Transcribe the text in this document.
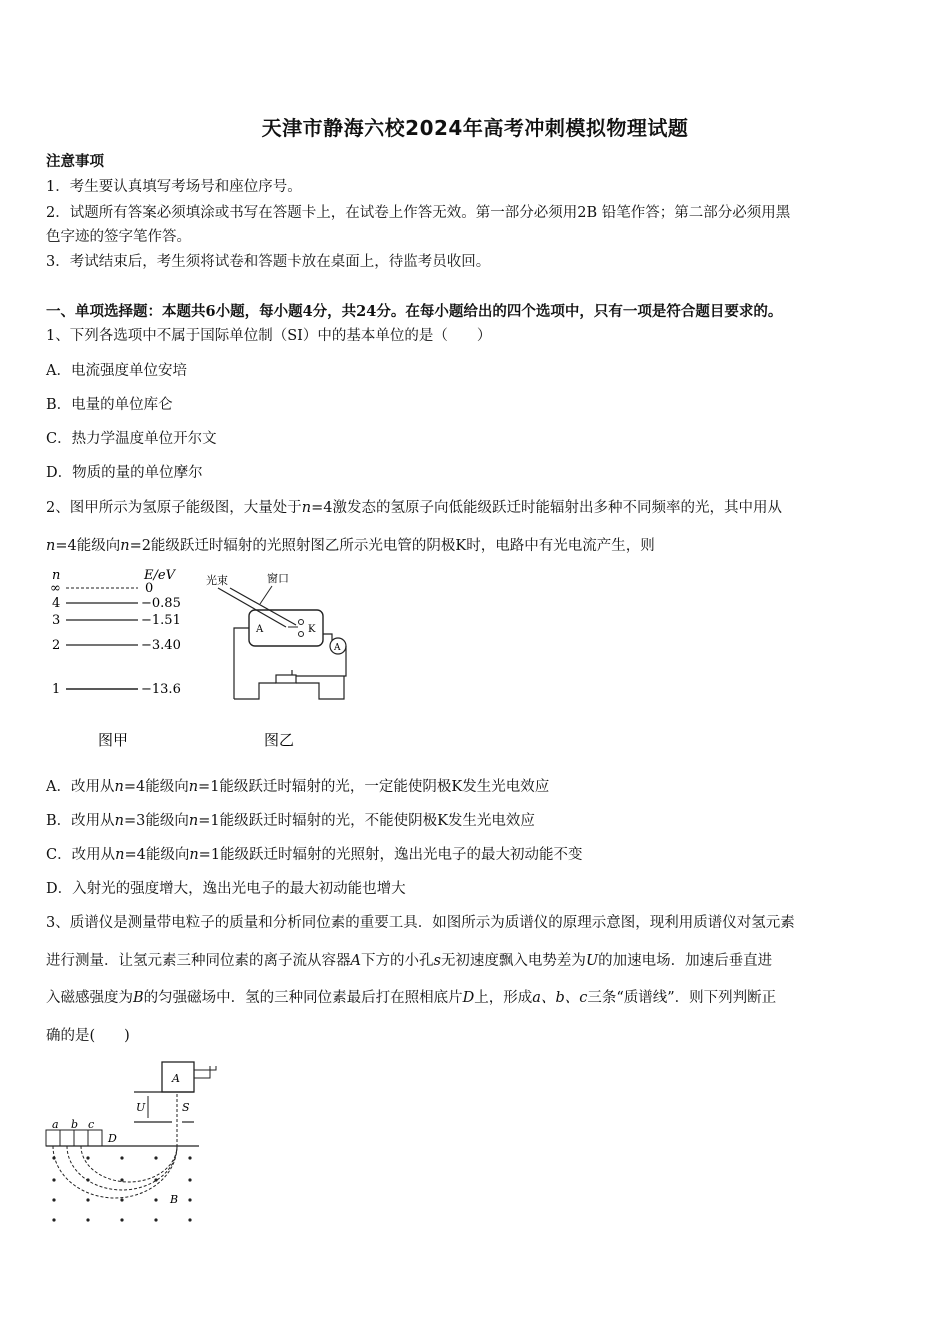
天津市静海六校2024年高考冲刺模拟物理试题
注意事项
1．考生要认真填写考场号和座位序号。
2．试题所有答案必须填涂或书写在答题卡上，在试卷上作答无效。第一部分必须用2B 铅笔作答；第二部分必须用黑
色字迹的签字笔作答。
3．考试结束后，考生须将试卷和答题卡放在桌面上，待监考员收回。
一、单项选择题：本题共6小题，每小题4分，共24分。在每小题给出的四个选项中，只有一项是符合题目要求的。
1、下列各选项中不属于国际单位制（SI）中的基本单位的是（　　）
A．电流强度单位安培
B．电量的单位库仑
C．热力学温度单位开尔文
D．物质的量的单位摩尔
2、图甲所示为氢原子能级图，大量处于n=4激发态的氢原子向低能级跃迁时能辐射出多种不同频率的光，其中用从
n=4能级向n=2能级跃迁时辐射的光照射图乙所示光电管的阴极K时，电路中有光电流产生，则
n	E/eV
∞	0
4	−0.85
3	−1.51
2	−3.40
1	−13.6
图甲
光束	窗口
A	K
A
图乙
A．改用从n=4能级向n=1能级跃迁时辐射的光，一定能使阴极K发生光电效应
B．改用从n=3能级向n=1能级跃迁时辐射的光，不能使阴极K发生光电效应
C．改用从n=4能级向n=1能级跃迁时辐射的光照射，逸出光电子的最大初动能不变
D．入射光的强度增大，逸出光电子的最大初动能也增大
3、质谱仪是测量带电粒子的质量和分析同位素的重要工具．如图所示为质谱仪的原理示意图，现利用质谱仪对氢元素
进行测量．让氢元素三种同位素的离子流从容器A下方的小孔s无初速度飘入电势差为U的加速电场．加速后垂直进
入磁感强度为B的匀强磁场中．氢的三种同位素最后打在照相底片D上，形成a、b、c三条“质谱线”．则下列判断正
确的是(　　)
A
U	S
a b c
D
B
